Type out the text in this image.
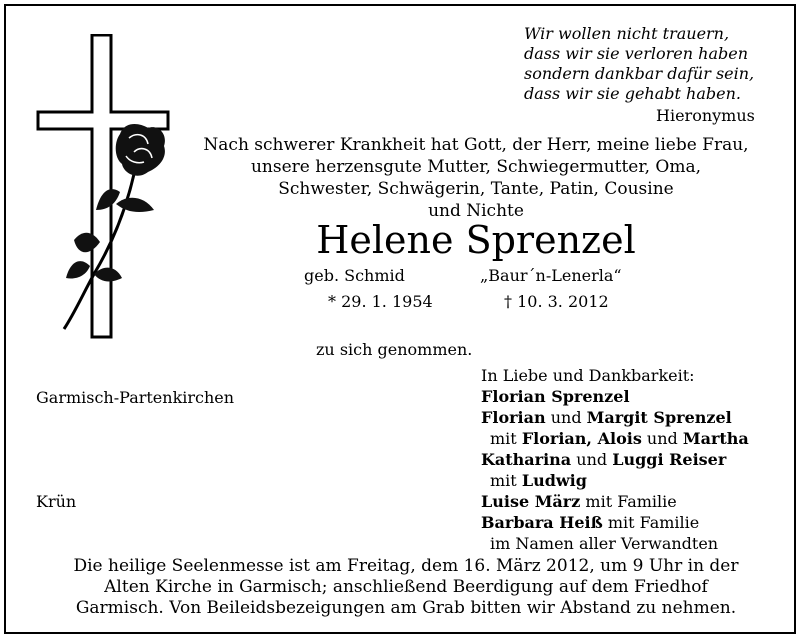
Wir wollen nicht trauern,
dass wir sie verloren haben
sondern dankbar dafür sein,
dass wir sie gehabt haben.
Hieronymus
Nach schwerer Krankheit hat Gott, der Herr, meine liebe Frau,
unsere herzensgute Mutter, Schwiegermutter, Oma,
Schwester, Schwägerin, Tante, Patin, Cousine
und Nichte
Helene Sprenzel
geb. Schmid	„Baur´n-Lenerla“
* 29. 1. 1954	† 10. 3. 2012
zu sich genommen.
Garmisch-Partenkirchen
Krün
In Liebe und Dankbarkeit:
Florian Sprenzel
Florian und Margit Sprenzel
mit Florian, Alois und Martha
Katharina und Luggi Reiser
mit Ludwig
Luise März mit Familie
Barbara Heiß mit Familie
im Namen aller Verwandten
Die heilige Seelenmesse ist am Freitag, dem 16. März 2012, um 9 Uhr in der
Alten Kirche in Garmisch; anschließend Beerdigung auf dem Friedhof
Garmisch. Von Beileidsbezeigungen am Grab bitten wir Abstand zu nehmen.
